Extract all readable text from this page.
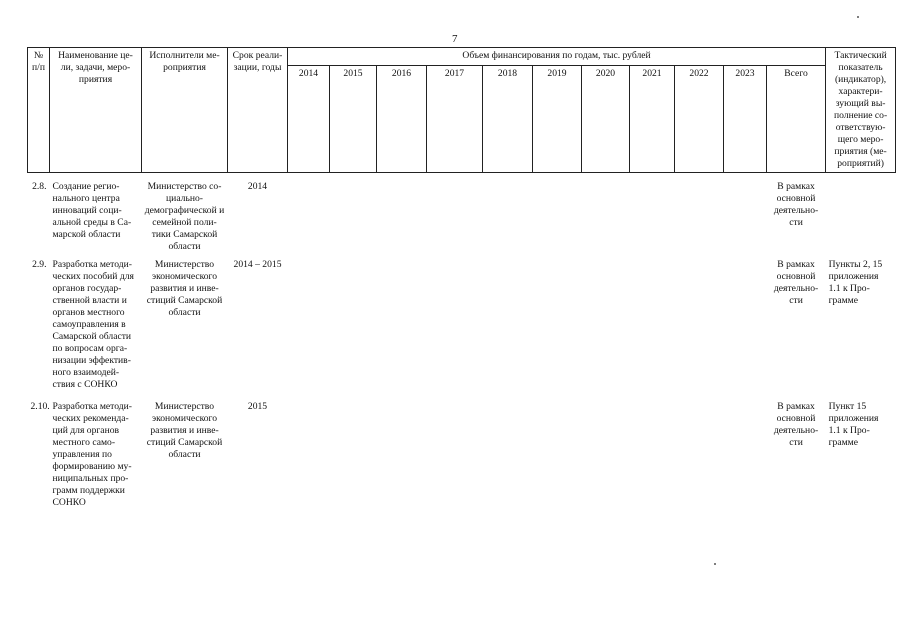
7
№ п/п	Наименование це- ли, задачи, меро- приятия	Исполнители ме- роприятия	Срок реали- зации, годы	Объем финансирования по годам, тыс. рублей											Тактический показатель (индикатор), характери- зующий вы- полнение со- ответствую- щего меро- приятия (ме- роприятий)
				2014	2015	2016	2017	2018	2019	2020	2021	2022	2023	Всего	

2.8.	Создание регио- нального центра инноваций соци- альной среды в Са- марской области	Министерство со- циально- демографической и семейной поли- тики Самарской области	2014											В рамках основной деятельно- сти	
2.9.	Разработка методи- ческих пособий для органов государ- ственной власти и органов местного самоуправления в Самарской области по вопросам орга- низации эффектив- ного взаимодей- ствия с СОНКО	Министерство экономического развития и инве- стиций Самарской области	2014 – 2015											В рамках основной деятельно- сти	Пункты 2, 15 приложения 1.1 к Про- грамме
2.10.	Разработка методи- ческих рекоменда- ций для органов местного само- управления по формированию му- ниципальных про- грамм поддержки СОНКО	Министерство экономического развития и инве- стиций Самарской области	2015											В рамках основной деятельно- сти	Пункт 15 приложения 1.1 к Про- грамме
